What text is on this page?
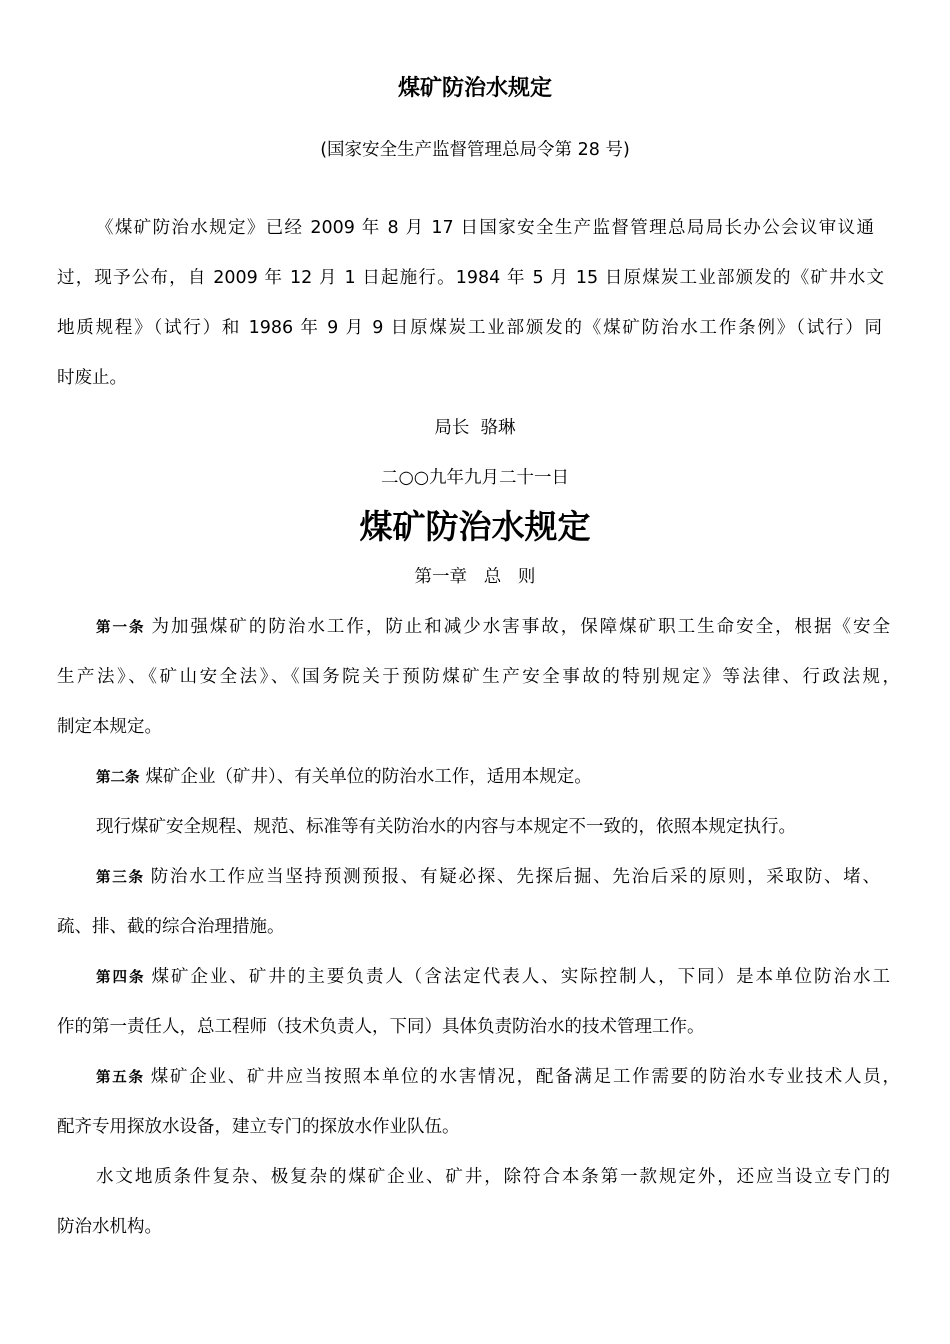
煤矿防治水规定
(国家安全生产监督管理总局令第 28 号)
《煤矿防治水规定》已经 2009 年 8 月 17 日国家安全生产监督管理总局局长办公会议审议通
过，现予公布，自 2009 年 12 月 1 日起施行。1984 年 5 月 15 日原煤炭工业部颁发的《矿井水文
地质规程》（试行）和 1986 年 9 月 9 日原煤炭工业部颁发的《煤矿防治水工作条例》（试行）同
时废止。
局长  骆琳
二○○九年九月二十一日
煤矿防治水规定
第一章   总   则
第一条 为加强煤矿的防治水工作，防止和减少水害事故，保障煤矿职工生命安全，根据《安全
生产法》、《矿山安全法》、《国务院关于预防煤矿生产安全事故的特别规定》等法律、行政法规，
制定本规定。
第二条 煤矿企业（矿井）、有关单位的防治水工作，适用本规定。
现行煤矿安全规程、规范、标准等有关防治水的内容与本规定不一致的，依照本规定执行。
第三条 防治水工作应当坚持预测预报、有疑必探、先探后掘、先治后采的原则，采取防、堵、
疏、排、截的综合治理措施。
第四条 煤矿企业、矿井的主要负责人（含法定代表人、实际控制人，下同）是本单位防治水工
作的第一责任人，总工程师（技术负责人，下同）具体负责防治水的技术管理工作。
第五条 煤矿企业、矿井应当按照本单位的水害情况，配备满足工作需要的防治水专业技术人员，
配齐专用探放水设备，建立专门的探放水作业队伍。
水文地质条件复杂、极复杂的煤矿企业、矿井，除符合本条第一款规定外，还应当设立专门的
防治水机构。
